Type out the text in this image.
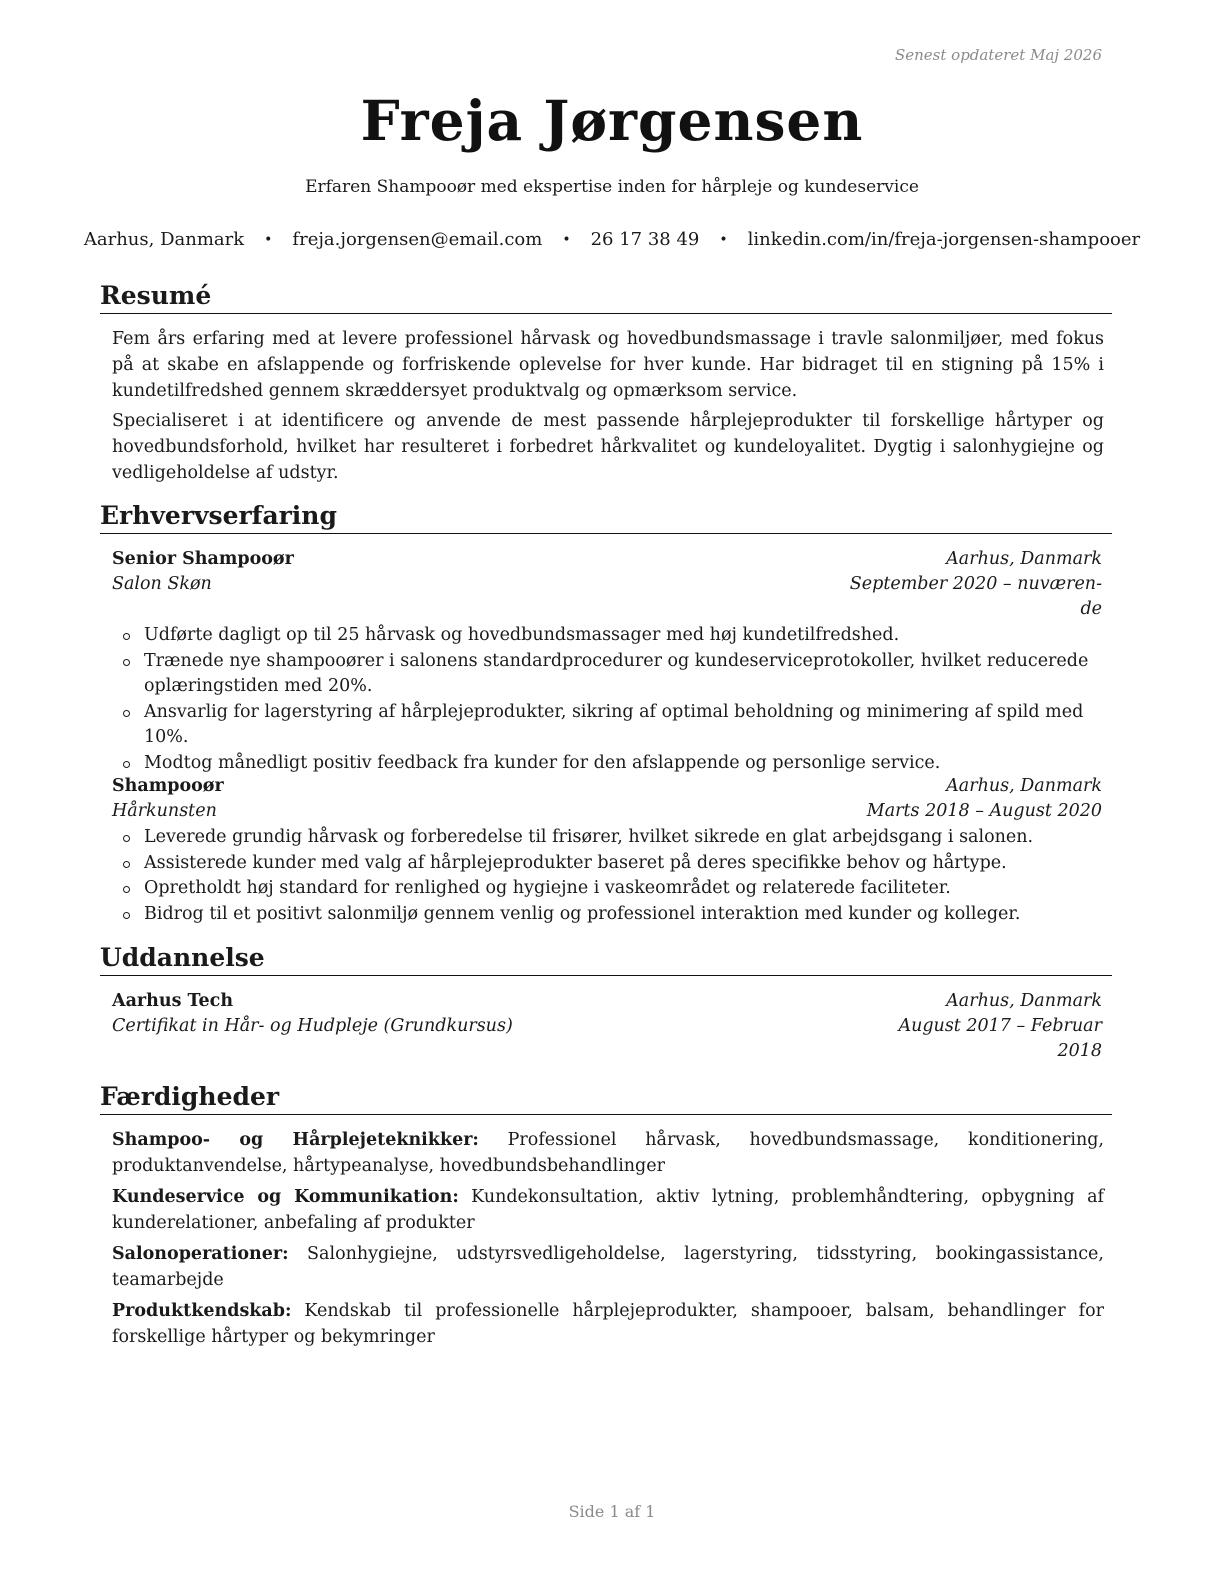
Senest opdateret Maj 2026
Freja Jørgensen
Erfaren Shampooør med ekspertise inden for hårpleje og kundeservice
Aarhus, Danmark • freja.jorgensen@email.com • 26 17 38 49 • linkedin.com/in/freja-jorgensen-shampooer
Resumé
Fem års erfaring med at levere professionel hårvask og hovedbundsmassage i travle salonmiljøer, med fokus på at skabe en afslappende og forfriskende oplevelse for hver kunde. Har bidraget til en stigning på 15% i kundetilfredshed gennem skræddersyet produktvalg og opmærksom service.
Specialiseret i at identificere og anvende de mest passende hårplejeprodukter til forskellige hårtyper og hovedbundsforhold, hvilket har resulteret i forbedret hårkvalitet og kundeloyalitet. Dygtig i salonhygiejne og vedligeholdelse af udstyr.
Erhvervserfaring
Senior Shampooør	Aarhus, Danmark
Salon Skøn	September 2020 – nuværen-
de
Udførte dagligt op til 25 hårvask og hovedbundsmassager med høj kundetilfredshed.
Trænede nye shampooører i salonens standardprocedurer og kundeserviceprotokoller, hvilket reducerede oplæringstiden med 20%.
Ansvarlig for lagerstyring af hårplejeprodukter, sikring af optimal beholdning og minimering af spild med 10%.
Modtog månedligt positiv feedback fra kunder for den afslappende og personlige service.
Shampooør	Aarhus, Danmark
Hårkunsten	Marts 2018 – August 2020
Leverede grundig hårvask og forberedelse til frisører, hvilket sikrede en glat arbejdsgang i salonen.
Assisterede kunder med valg af hårplejeprodukter baseret på deres specifikke behov og hårtype.
Opretholdt høj standard for renlighed og hygiejne i vaskeområdet og relaterede faciliteter.
Bidrog til et positivt salonmiljø gennem venlig og professionel interaktion med kunder og kolleger.
Uddannelse
Aarhus Tech	Aarhus, Danmark
Certifikat in Hår- og Hudpleje (Grundkursus)	August 2017 – Februar
2018
Færdigheder
Shampoo- og Hårplejeteknikker: Professionel hårvask, hovedbundsmassage, konditionering, produktanvendelse, hårtypeanalyse, hovedbundsbehandlinger
Kundeservice og Kommunikation: Kundekonsultation, aktiv lytning, problemhåndtering, opbygning af kunderelationer, anbefaling af produkter
Salonoperationer: Salonhygiejne, udstyrsvedligeholdelse, lagerstyring, tidsstyring, bookingassistance, teamarbejde
Produktkendskab: Kendskab til professionelle hårplejeprodukter, shampooer, balsam, behandlinger for forskellige hårtyper og bekymringer
Side 1 af 1
